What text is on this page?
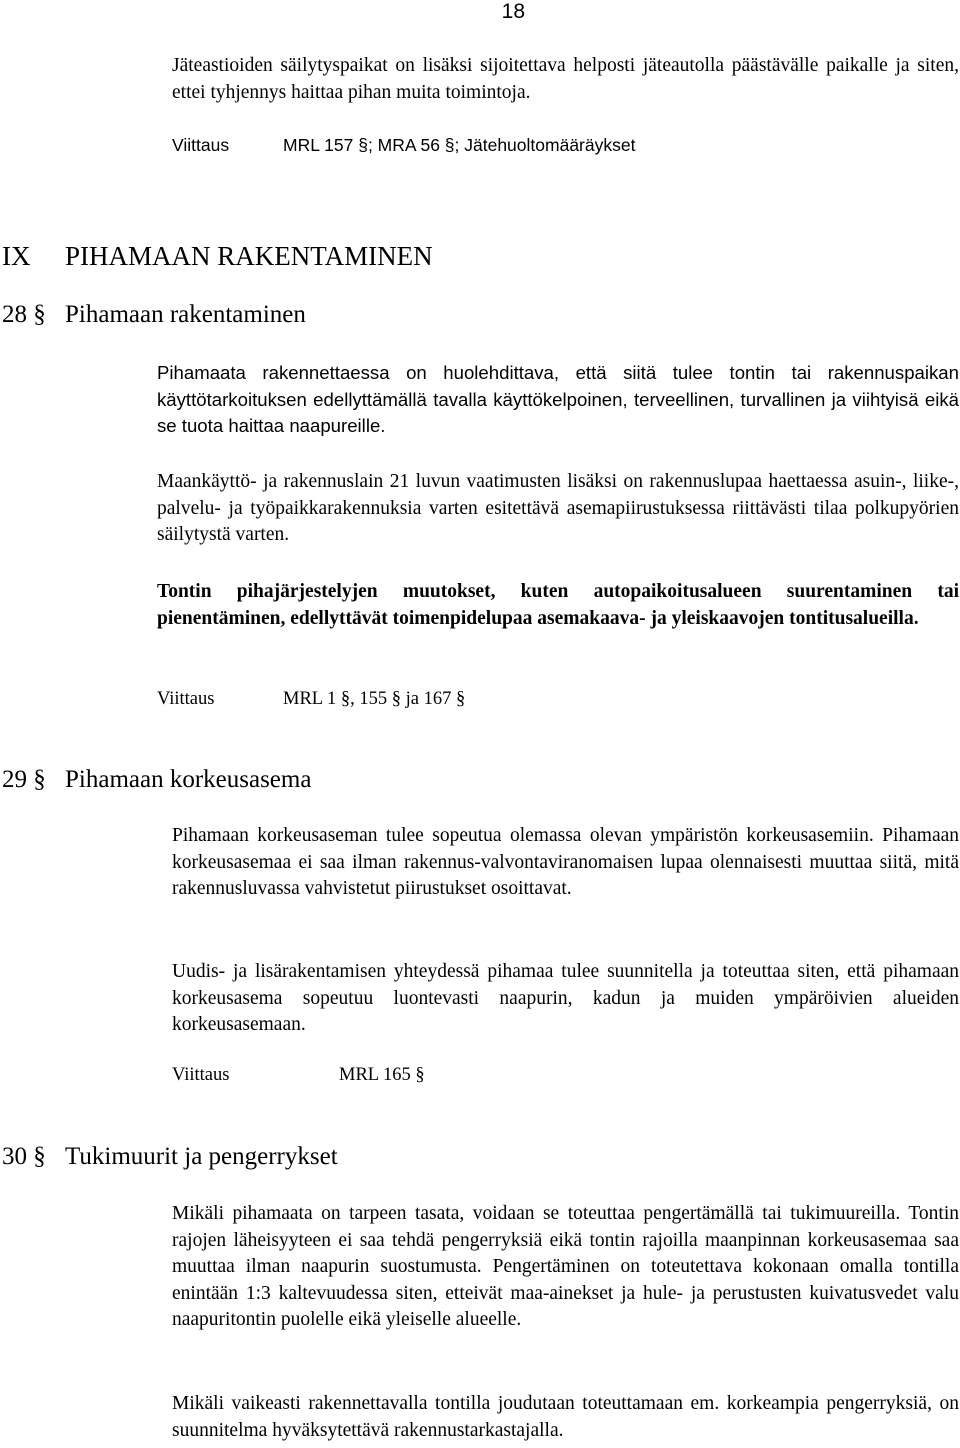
18

Jäteastioiden säilytyspaikat on lisäksi sijoitettava helposti jäteautolla päästävälle paikalle ja siten, ettei tyhjennys haittaa pihan muita toimintoja.

Viittaus	MRL 157 §; MRA 56 §; Jätehuoltomääräykset
IX PIHAMAAN RAKENTAMINEN
28 § Pihamaan rakentaminen

Pihamaata rakennettaessa on huolehdittava, että siitä tulee tontin tai rakennuspaikan käyttötarkoituksen edellyttämällä tavalla käyttökelpoinen, terveellinen, turvallinen ja viihtyisä eikä se tuota haittaa naapureille.

Maankäyttö- ja rakennuslain 21 luvun vaatimusten lisäksi on rakennuslupaa haettaessa asuin-, liike-, palvelu- ja työpaikkarakennuksia varten esitettävä asemapiirustuksessa riittävästi tilaa polkupyörien säilytystä varten.

Tontin pihajärjestelyjen muutokset, kuten autopaikoitusalueen suurentaminen tai pienentäminen, edellyttävät toimenpidelupaa asemakaava- ja yleiskaavojen tontitusalueilla.

Viittaus	MRL 1 §, 155 § ja 167 §
29 § Pihamaan korkeusasema

Pihamaan korkeusaseman tulee sopeutua olemassa olevan ympäristön korkeusasemiin. Pihamaan korkeusasemaa ei saa ilman rakennus-valvontaviranomaisen lupaa olennaisesti muuttaa siitä, mitä rakennusluvassa vahvistetut piirustukset osoittavat.

Uudis- ja lisärakentamisen yhteydessä pihamaa tulee suunnitella ja toteuttaa siten, että pihamaan korkeusasema sopeutuu luontevasti naapurin, kadun ja muiden ympäröivien alueiden korkeusasemaan.

Viittaus	MRL 165 §
30 § Tukimuurit ja pengerrykset

Mikäli pihamaata on tarpeen tasata, voidaan se toteuttaa pengertämällä tai tukimuureilla. Tontin rajojen läheisyyteen ei saa tehdä pengerryksiä eikä tontin rajoilla maanpinnan korkeusasemaa saa muuttaa ilman naapurin suostumusta. Pengertäminen on toteutettava kokonaan omalla tontilla enintään 1:3 kaltevuudessa siten, etteivät maa-ainekset ja hule- ja perustusten kuivatusvedet valu naapuritontin puolelle eikä yleiselle alueelle.

Mikäli vaikeasti rakennettavalla tontilla joudutaan toteuttamaan em. korkeampia pengerryksiä, on suunnitelma hyväksytettävä rakennustarkastajalla.
